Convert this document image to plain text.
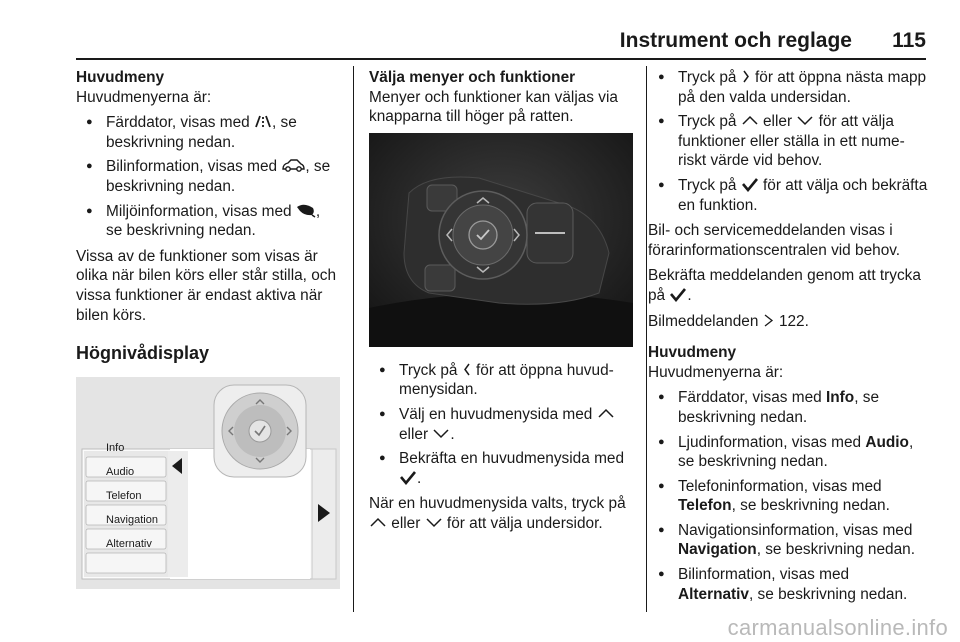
Instrument och reglage 115
Huvudmeny

Huvudmenyerna är:

● Färddator, visas med
, se beskrivning nedan.
● Bilinformation, visas med
, se beskrivning nedan.
● Miljöinformation, visas med
, se beskrivning nedan.

Vissa av de funktioner som visas är olika när bilen körs eller står stilla, och vissa funktioner är endast aktiva när bilen körs.

Högnivådisplay
Info
Audio
Telefon
Navigation
Alternativ
Välja menyer och funktioner

Menyer och funktioner kan väljas via knapparna till höger på ratten.

● Tryck på
för att öppna huvud-menysidan.
● Välj en huvudmenysida med
eller
.
● Bekräfta en huvudmenysida med
.

När en huvudmenysida valts, tryck på
eller
för att välja undersidor.

● Tryck på
för att öppna nästa mapp på den valda undersidan.
● Tryck på
eller
för att välja funktioner eller ställa in ett nume-riskt värde vid behov.
● Tryck på
för att välja och bekräfta en funktion.

Bil- och servicemeddelanden visas i förarinformationscentralen vid behov.

Bekräfta meddelanden genom att trycka på
.

Bilmeddelanden
122.

Huvudmeny

Huvudmenyerna är:

● Färddator, visas med Info, se beskrivning nedan.
● Ljudinformation, visas med Audio, se beskrivning nedan.
● Telefoninformation, visas med Telefon, se beskrivning nedan.
● Navigationsinformation, visas med Navigation, se beskrivning nedan.
● Bilinformation, visas med Alternativ, se beskrivning nedan.
carmanualsonline.info
